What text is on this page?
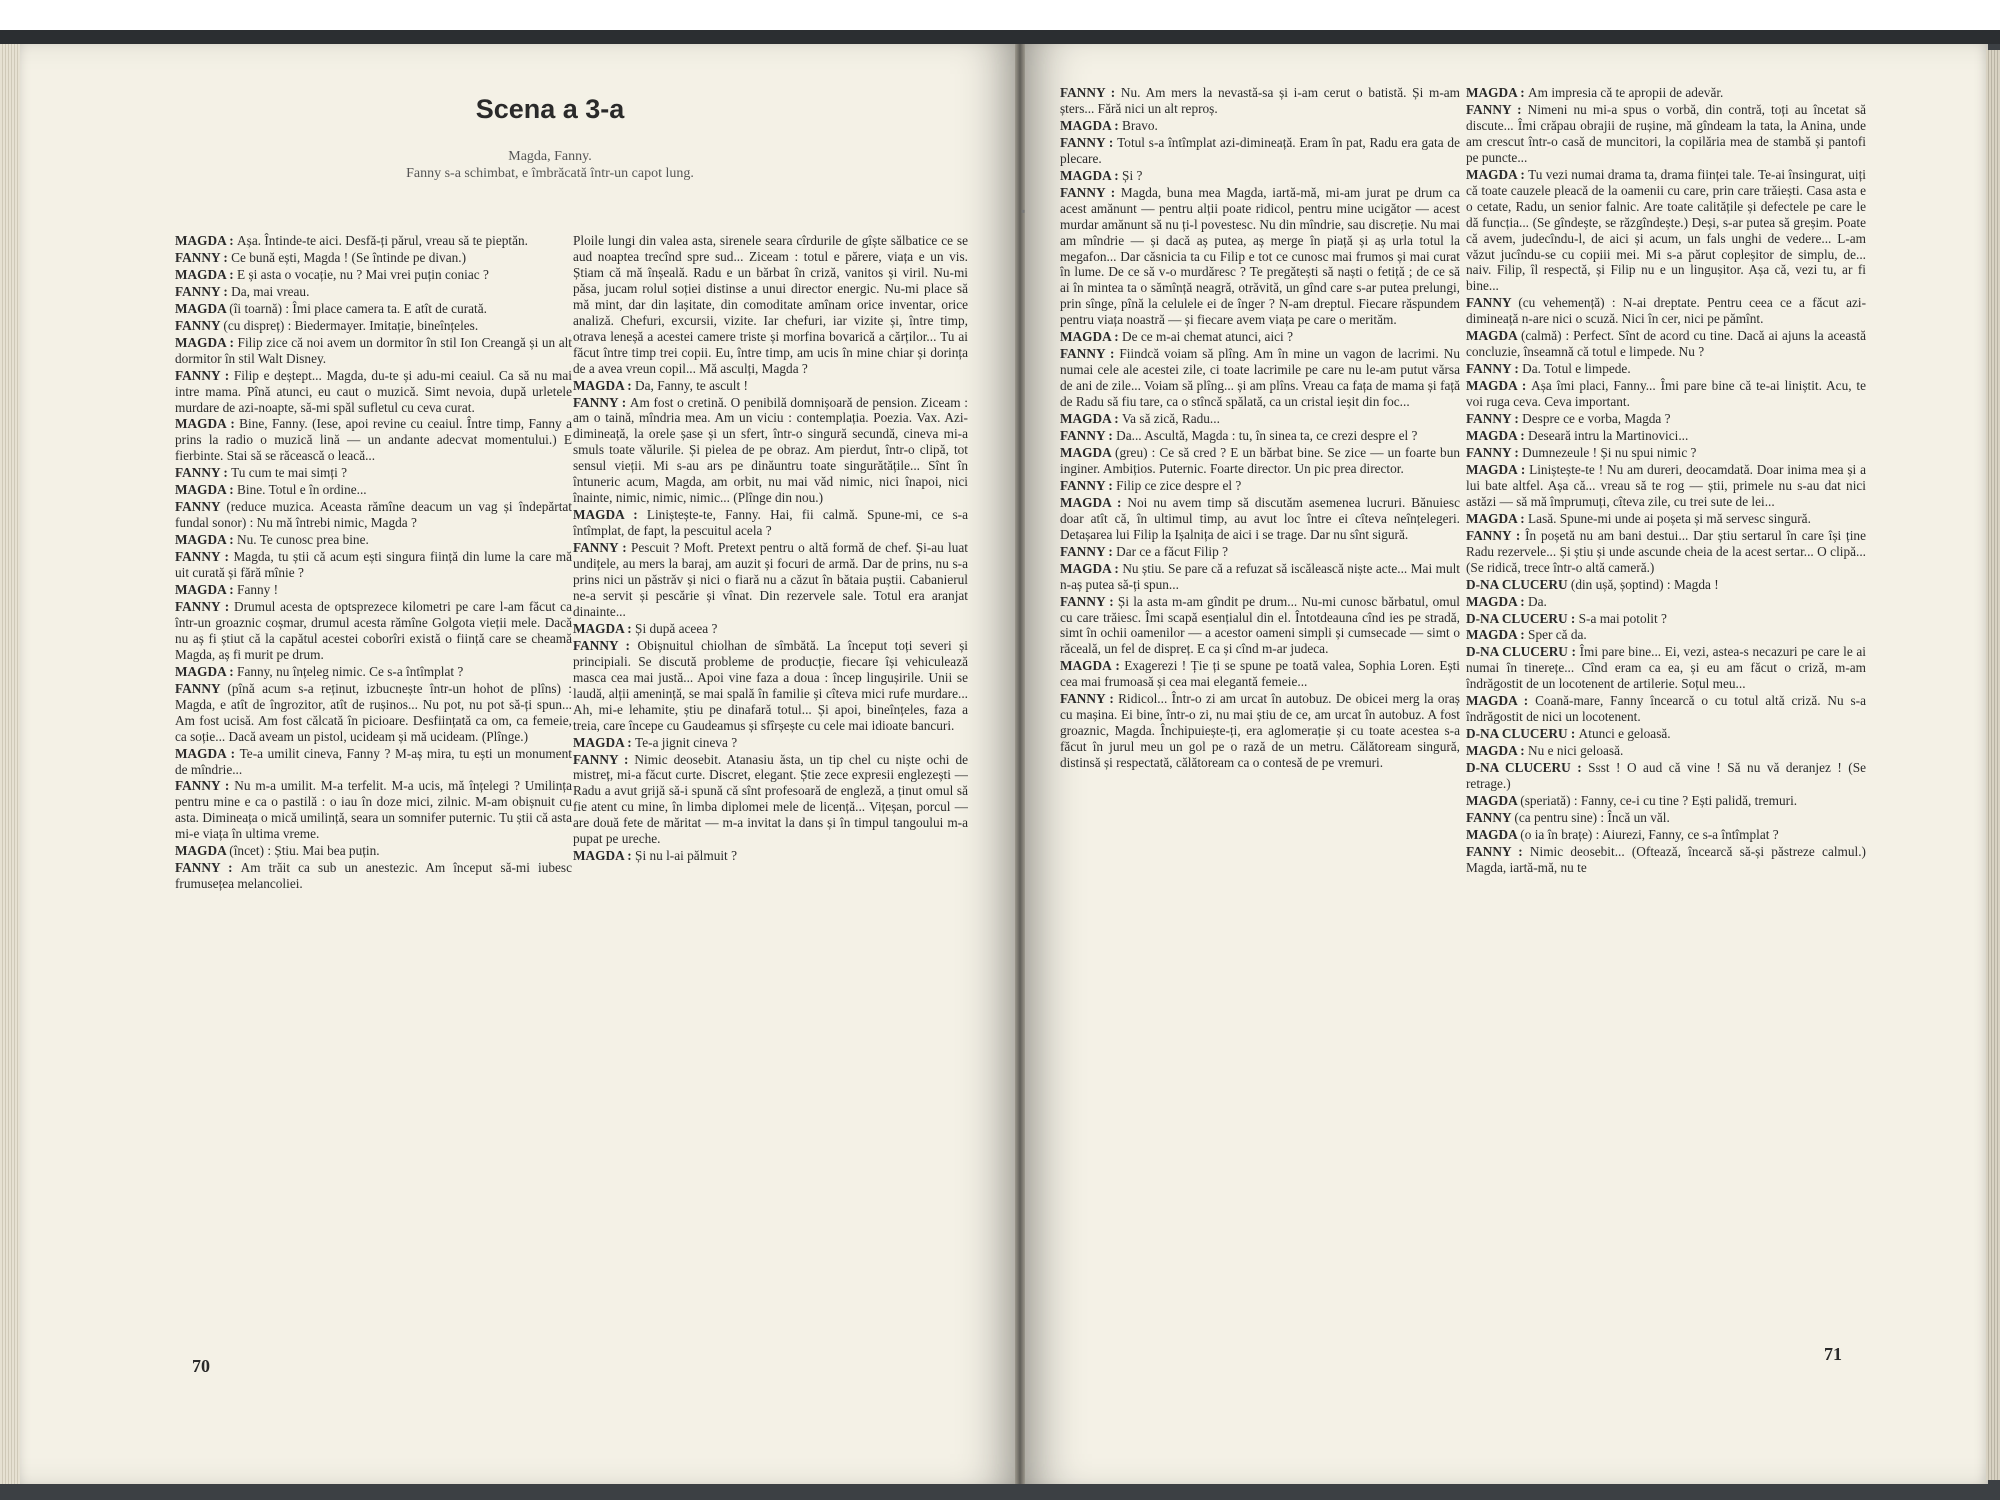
Scena a 3-a
Magda, Fanny.
Fanny s-a schimbat, e îmbrăcată într-un capot lung.

MAGDA : Așa. Întinde-te aici. Desfă-ți părul, vreau să te pieptăn.

FANNY : Ce bună ești, Magda ! (Se întinde pe divan.)

MAGDA : E și asta o vocație, nu ? Mai vrei puțin coniac ?

FANNY : Da, mai vreau.

MAGDA (îi toarnă) : Îmi place camera ta. E atît de curată.

FANNY (cu dispreț) : Biedermayer. Imitație, bineînțeles.

MAGDA : Filip zice că noi avem un dormitor în stil Ion Creangă și un alt dormitor în stil Walt Disney.

FANNY : Filip e deștept... Magda, du-te și adu-mi ceaiul. Ca să nu mai intre mama. Pînă atunci, eu caut o muzică. Simt nevoia, după urletele murdare de azi-noapte, să-mi spăl sufletul cu ceva curat.

MAGDA : Bine, Fanny. (Iese, apoi revine cu ceaiul. Între timp, Fanny a prins la radio o muzică lină — un andante adecvat momentului.) E fierbinte. Stai să se răcească o leacă...

FANNY : Tu cum te mai simți ?

MAGDA : Bine. Totul e în ordine...

FANNY (reduce muzica. Aceasta rămîne deacum un vag și îndepărtat fundal sonor) : Nu mă întrebi nimic, Magda ?

MAGDA : Nu. Te cunosc prea bine.

FANNY : Magda, tu știi că acum ești singura ființă din lume la care mă uit curată și fără mînie ?

MAGDA : Fanny !

FANNY : Drumul acesta de optsprezece kilometri pe care l-am făcut ca într-un groaznic coșmar, drumul acesta rămîne Golgota vieții mele. Dacă nu aș fi știut că la capătul acestei coborîri există o ființă care se cheamă Magda, aș fi murit pe drum.

MAGDA : Fanny, nu înțeleg nimic. Ce s-a întîmplat ?

FANNY (pînă acum s-a reținut, izbucnește într-un hohot de plîns) : Magda, e atît de îngrozitor, atît de rușinos... Nu pot, nu pot să-ți spun... Am fost ucisă. Am fost călcată în picioare. Desființată ca om, ca femeie, ca soție... Dacă aveam un pistol, ucideam și mă ucideam. (Plînge.)

MAGDA : Te-a umilit cineva, Fanny ? M-aș mira, tu ești un monument de mîndrie...

FANNY : Nu m-a umilit. M-a terfelit. M-a ucis, mă înțelegi ? Umilința pentru mine e ca o pastilă : o iau în doze mici, zilnic. M-am obișnuit cu asta. Dimineața o mică umilință, seara un somnifer puternic. Tu știi că asta mi-e viața în ultima vreme.

MAGDA (încet) : Știu. Mai bea puțin.

FANNY : Am trăit ca sub un anestezic. Am început să-mi iubesc frumusețea melancoliei.

Ploile lungi din valea asta, sirenele seara cîrdurile de gîște sălbatice ce se aud noaptea trecînd spre sud... Ziceam : totul e părere, viața e un vis. Știam că mă înșeală. Radu e un bărbat în criză, vanitos și viril. Nu-mi păsa, jucam rolul soției distinse a unui director energic. Nu-mi place să mă mint, dar din lașitate, din comoditate amînam orice inventar, orice analiză. Chefuri, excursii, vizite. Iar chefuri, iar vizite și, între timp, otrava leneșă a acestei camere triste și morfina bovarică a cărților... Tu ai făcut între timp trei copii. Eu, între timp, am ucis în mine chiar și dorința de a avea vreun copil... Mă asculți, Magda ?

MAGDA : Da, Fanny, te ascult !

FANNY : Am fost o cretină. O penibilă domnișoară de pension. Ziceam : am o taină, mîndria mea. Am un viciu : contemplația. Poezia. Vax. Azi-dimineață, la orele șase și un sfert, într-o singură secundă, cineva mi-a smuls toate vălurile. Și pielea de pe obraz. Am pierdut, într-o clipă, tot sensul vieții. Mi s-au ars pe dinăuntru toate singurătățile... Sînt în întuneric acum, Magda, am orbit, nu mai văd nimic, nici înapoi, nici înainte, nimic, nimic, nimic... (Plînge din nou.)

MAGDA : Liniștește-te, Fanny. Hai, fii calmă. Spune-mi, ce s-a întîmplat, de fapt, la pescuitul acela ?

FANNY : Pescuit ? Moft. Pretext pentru o altă formă de chef. Și-au luat undițele, au mers la baraj, am auzit și focuri de armă. Dar de prins, nu s-a prins nici un păstrăv și nici o fiară nu a căzut în bătaia puștii. Cabanierul ne-a servit și pescărie și vînat. Din rezervele sale. Totul era aranjat dinainte...

MAGDA : Și după aceea ?

FANNY : Obișnuitul chiolhan de sîmbătă. La început toți severi și principiali. Se discută probleme de producție, fiecare își vehiculează masca cea mai justă... Apoi vine faza a doua : încep lingușirile. Unii se laudă, alții amenință, se mai spală în familie și cîteva mici rufe murdare... Ah, mi-e lehamite, știu pe dinafară totul... Și apoi, bineînțeles, faza a treia, care începe cu Gaudeamus și sfîrșește cu cele mai idioate bancuri.

MAGDA : Te-a jignit cineva ?

FANNY : Nimic deosebit. Atanasiu ăsta, un tip chel cu niște ochi de mistreț, mi-a făcut curte. Discret, elegant. Știe zece expresii englezești — Radu a avut grijă să-i spună că sînt profesoară de engleză, a ținut omul să fie atent cu mine, în limba diplomei mele de licență... Vițeșan, porcul — are două fete de măritat — m-a invitat la dans și în timpul tangoului m-a pupat pe ureche.

MAGDA : Și nu l-ai pălmuit ?

FANNY : Nu. Am mers la nevastă-sa și i-am cerut o batistă. Și m-am șters... Fără nici un alt reproș.

MAGDA : Bravo.

FANNY : Totul s-a întîmplat azi-dimineață. Eram în pat, Radu era gata de plecare.

MAGDA : Și ?

FANNY : Magda, buna mea Magda, iartă-mă, mi-am jurat pe drum ca acest amănunt — pentru alții poate ridicol, pentru mine ucigător — acest murdar amănunt să nu ți-l povestesc. Nu din mîndrie, sau discreție. Nu mai am mîndrie — și dacă aș putea, aș merge în piață și aș urla totul la megafon... Dar căsnicia ta cu Filip e tot ce cunosc mai frumos și mai curat în lume. De ce să v-o murdăresc ? Te pregătești să naști o fetiță ; de ce să ai în mintea ta o sămînță neagră, otrăvită, un gînd care s-ar putea prelungi, prin sînge, pînă la celulele ei de înger ? N-am dreptul. Fiecare răspundem pentru viața noastră — și fiecare avem viața pe care o merităm.

MAGDA : De ce m-ai chemat atunci, aici ?

FANNY : Fiindcă voiam să plîng. Am în mine un vagon de lacrimi. Nu numai cele ale acestei zile, ci toate lacrimile pe care nu le-am putut vărsa de ani de zile... Voiam să plîng... și am plîns. Vreau ca fața de mama și față de Radu să fiu tare, ca o stîncă spălată, ca un cristal ieșit din foc...

MAGDA : Va să zică, Radu...

FANNY : Da... Ascultă, Magda : tu, în sinea ta, ce crezi despre el ?

MAGDA (greu) : Ce să cred ? E un bărbat bine. Se zice — un foarte bun inginer. Ambițios. Puternic. Foarte director. Un pic prea director.

FANNY : Filip ce zice despre el ?

MAGDA : Noi nu avem timp să discutăm asemenea lucruri. Bănuiesc doar atît că, în ultimul timp, au avut loc între ei cîteva neînțelegeri. Detașarea lui Filip la Ișalnița de aici i se trage. Dar nu sînt sigură.

FANNY : Dar ce a făcut Filip ?

MAGDA : Nu știu. Se pare că a refuzat să iscălească niște acte... Mai mult n-aș putea să-ți spun...

FANNY : Și la asta m-am gîndit pe drum... Nu-mi cunosc bărbatul, omul cu care trăiesc. Îmi scapă esențialul din el. Întotdeauna cînd ies pe stradă, simt în ochii oamenilor — a acestor oameni simpli și cumsecade — simt o răceală, un fel de dispreț. E ca și cînd m-ar judeca.

MAGDA : Exagerezi ! Ție ți se spune pe toată valea, Sophia Loren. Ești cea mai frumoasă și cea mai elegantă femeie...

FANNY : Ridicol... Într-o zi am urcat în autobuz. De obicei merg la oraș cu mașina. Ei bine, într-o zi, nu mai știu de ce, am urcat în autobuz. A fost groaznic, Magda. Închipuiește-ți, era aglomerație și cu toate acestea s-a făcut în jurul meu un gol pe o rază de un metru. Călătoream singură, distinsă și respectată, călătoream ca o contesă de pe vremuri.

MAGDA : Am impresia că te apropii de adevăr.

FANNY : Nimeni nu mi-a spus o vorbă, din contră, toți au încetat să discute... Îmi crăpau obrajii de rușine, mă gîndeam la tata, la Anina, unde am crescut într-o casă de muncitori, la copilăria mea de stambă și pantofi pe puncte...

MAGDA : Tu vezi numai drama ta, drama ființei tale. Te-ai însingurat, uiți că toate cauzele pleacă de la oamenii cu care, prin care trăiești. Casa asta e o cetate, Radu, un senior falnic. Are toate calitățile și defectele pe care le dă funcția... (Se gîndește, se răzgîndește.) Deși, s-ar putea să greșim. Poate că avem, judecîndu-l, de aici și acum, un fals unghi de vedere... L-am văzut jucîndu-se cu copiii mei. Mi s-a părut copleșitor de simplu, de... naiv. Filip, îl respectă, și Filip nu e un lingușitor. Așa că, vezi tu, ar fi bine...

FANNY (cu vehemență) : N-ai dreptate. Pentru ceea ce a făcut azi-dimineață n-are nici o scuză. Nici în cer, nici pe pămînt.

MAGDA (calmă) : Perfect. Sînt de acord cu tine. Dacă ai ajuns la această concluzie, înseamnă că totul e limpede. Nu ?

FANNY : Da. Totul e limpede.

MAGDA : Așa îmi placi, Fanny... Îmi pare bine că te-ai liniștit. Acu, te voi ruga ceva. Ceva important.

FANNY : Despre ce e vorba, Magda ?

MAGDA : Deseară intru la Martinovici...

FANNY : Dumnezeule ! Și nu spui nimic ?

MAGDA : Liniștește-te ! Nu am dureri, deocamdată. Doar inima mea și a lui bate altfel. Așa că... vreau să te rog — știi, primele nu s-au dat nici astăzi — să mă împrumuți, cîteva zile, cu trei sute de lei...

MAGDA : Lasă. Spune-mi unde ai poșeta și mă servesc singură.

FANNY : În poșetă nu am bani destui... Dar știu sertarul în care își ține Radu rezervele... Și știu și unde ascunde cheia de la acest sertar... O clipă... (Se ridică, trece într-o altă cameră.)

D-NA CLUCERU (din ușă, șoptind) : Magda !

MAGDA : Da.

D-NA CLUCERU : S-a mai potolit ?

MAGDA : Sper că da.

D-NA CLUCERU : Îmi pare bine... Ei, vezi, astea-s necazuri pe care le ai numai în tinerețe... Cînd eram ca ea, și eu am făcut o criză, m-am îndrăgostit de un locotenent de artilerie. Soțul meu...

MAGDA : Coană-mare, Fanny încearcă o cu totul altă criză. Nu s-a îndrăgostit de nici un locotenent.

D-NA CLUCERU : Atunci e geloasă.

MAGDA : Nu e nici geloasă.

D-NA CLUCERU : Ssst ! O aud că vine ! Să nu vă deranjez ! (Se retrage.)

MAGDA (speriată) : Fanny, ce-i cu tine ? Ești palidă, tremuri.

FANNY (ca pentru sine) : Încă un văl.

MAGDA (o ia în brațe) : Aiurezi, Fanny, ce s-a întîmplat ?

FANNY : Nimic deosebit... (Oftează, încearcă să-și păstreze calmul.) Magda, iartă-mă, nu te

▪
70
71
